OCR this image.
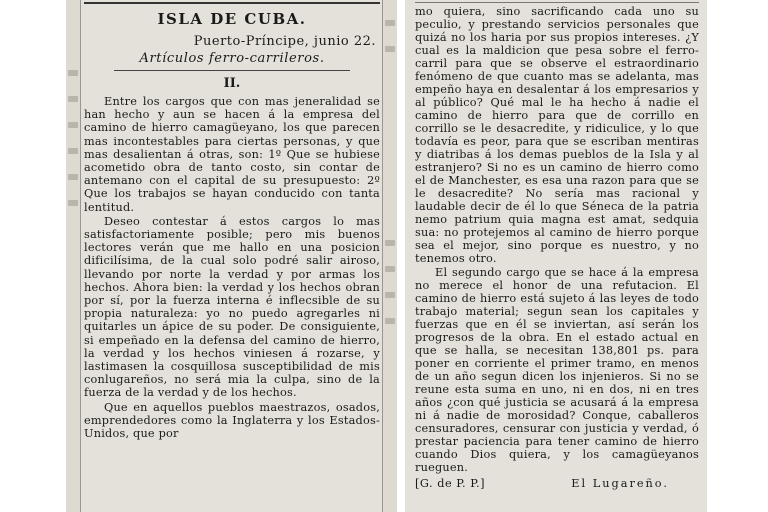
ISLA DE CUBA.
Puerto-Príncipe, junio 22.
Artículos ferro-carrileros.
II.

Entre los cargos que con mas jeneralidad se han hecho y aun se hacen á la empresa del camino de hierro camagüeyano, los que parecen mas incontestables para ciertas personas, y que mas desalientan á otras, son: 1º Que se hubiese acometido obra de tanto costo, sin contar de antemano con el capital de su presupuesto: 2º Que los trabajos se hayan conducido con tanta lentitud.

Deseo contestar á estos cargos lo mas satisfactoriamente posible; pero mis buenos lectores verán que me hallo en una posicion dificilísima, de la cual solo podré salir airoso, llevando por norte la verdad y por armas los hechos. Ahora bien: la verdad y los hechos obran por sí, por la fuerza interna é inflecsible de su propia naturaleza: yo no puedo agregarles ni quitarles un ápice de su poder. De consiguiente, si empeñado en la defensa del camino de hierro, la verdad y los hechos viniesen á rozarse, y lastimasen la cosquillosa susceptibilidad de mis conlugareños, no será mia la culpa, sino de la fuerza de la verdad y de los hechos.

Que en aquellos pueblos maestrazos, osados, emprendedores como la Inglaterra y los Estados-Unidos, que por

mo quiera, sino sacrificando cada uno su peculio, y prestando servicios personales que quizá no los haria por sus propios intereses. ¿Y cual es la maldicion que pesa sobre el ferro-carril para que se observe el estraordinario fenómeno de que cuanto mas se adelanta, mas empeño haya en desalentar á los empresarios y al público? Qué mal le ha hecho á nadie el camino de hierro para que de corrillo en corrillo se le desacredite, y ridiculice, y lo que todavía es peor, para que se escriban mentiras y diatribas á los demas pueblos de la Isla y al estranjero? Si no es un camino de hierro como el de Manchester, es esa una razon para que se le desacredite? No sería mas racional y laudable decir de él lo que Séneca de la patria nemo patrium quia magna est amat, sedquia sua: no protejemos al camino de hierro porque sea el mejor, sino porque es nuestro, y no tenemos otro.

El segundo cargo que se hace á la empresa no merece el honor de una refutacion. El camino de hierro está sujeto á las leyes de todo trabajo material; segun sean los capitales y fuerzas que en él se inviertan, así serán los progresos de la obra. En el estado actual en que se halla, se necesitan 138,801 ps. para poner en corriente el primer tramo, en menos de un año segun dicen los injenieros. Si no se reune esta suma en uno, ni en dos, ni en tres años ¿con qué justicia se acusará á la empresa ni á nadie de morosidad? Conque, caballeros censuradores, censurar con justicia y verdad, ó prestar paciencia para tener camino de hierro cuando Dios quiera, y los camagüeyanos rueguen.

[G. de P. P.]	El Lugareño.
